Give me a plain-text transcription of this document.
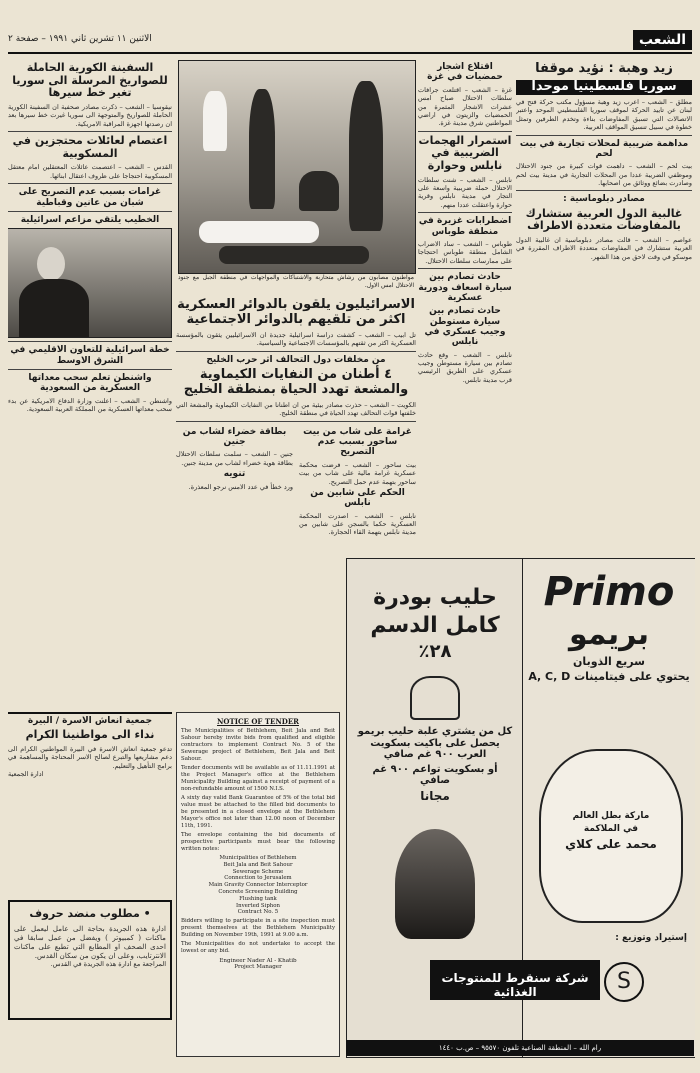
الاثنين ١١ تشرين ثاني ١٩٩١ – صفحة ٢	الشعب
زيد وهبة : نؤيد موقفا
سوريا فلسطينيا موحدا
مطلق – الشعب – اعرب زيد وهبة مسؤول مكتب حركة فتح في لبنان عن تاييد الحركة لموقف سوريا الفلسطيني الموحد واعتبر الاتصالات التي تسبق المفاوضات بناءة وتخدم الطرفين وتمثل خطوة في سبيل تنسيق المواقف العربية.
مداهمة ضريبية لمحلات تجارية في بيت لحم
بيت لحم – الشعب – داهمت قوات كبيرة من جنود الاحتلال وموظفي الضريبة عددا من المحلات التجارية في مدينة بيت لحم وصادرت بضائع ووثائق من اصحابها.
مصادر دبلوماسية :
غالبية الدول العربية ستشارك بالمفاوضات متعددة الاطراف
عواصم – الشعب – قالت مصادر دبلوماسية ان غالبية الدول العربية ستشارك في المفاوضات متعددة الاطراف المقررة في موسكو في وقت لاحق من هذا الشهر.
اقتلاع اشجار حمضيات في غزة
غزة – الشعب – اقتلعت جرافات سلطات الاحتلال صباح امس عشرات الاشجار المثمرة من الحمضيات والزيتون في اراضي المواطنين شرق مدينة غزة.
استمرار الهجمات الضريبية في نابلس وحوارة
نابلس – الشعب – شنت سلطات الاحتلال حملة ضريبية واسعة على التجار في مدينة نابلس وقرية حوارة واعتقلت عددا منهم.
اضطرابات غزيرة في منطقة طوباس
طوباس – الشعب – ساد الاضراب الشامل منطقة طوباس احتجاجا على ممارسات سلطات الاحتلال.
حادث تصادم بين سيارة اسعاف ودورية عسكرية
حادث تصادم بين سيارة مستوطن وجيب عسكري في نابلس
نابلس – الشعب – وقع حادث تصادم بين سيارة مستوطن وجيب عسكري على الطريق الرئيسي قرب مدينة نابلس.
مواطنون مصابون من رشاش متحاربة والاشتباكات والمواجهات في منطقة الجبل مع جنود الاحتلال امس الاول.
الاسرائيليون يلقون بالدوائر العسكرية اكثر من تلقيهم بالدوائر الاجتماعية
تل ابيب – الشعب – كشفت دراسة اسرائيلية جديدة ان الاسرائيليين يثقون بالمؤسسة العسكرية اكثر من ثقتهم بالمؤسسات الاجتماعية والسياسية.
من مخلفات دول التحالف اثر حرب الخليج
٤ أطنان من النفايات الكيماوية والمشعة تهدد الحياة بمنطقة الخليج
الكويت – الشعب – حذرت مصادر بيئية من ان اطنانا من النفايات الكيماوية والمشعة التي خلفتها قوات التحالف تهدد الحياة في منطقة الخليج.
غرامة على شاب من بيت ساحور بسبب عدم التصريح
بيت ساحور – الشعب – فرضت محكمة عسكرية غرامة مالية على شاب من بيت ساحور بتهمة عدم حمل التصريح.
الحكم على شابين من نابلس
نابلس – الشعب – اصدرت المحكمة العسكرية حكما بالسجن على شابين من مدينة نابلس بتهمة القاء الحجارة.
بطاقة خضراء لشاب من جنين
جنين – الشعب – سلمت سلطات الاحتلال بطاقة هوية خضراء لشاب من مدينة جنين.
تنويه
ورد خطأ في عدد الامس نرجو المعذرة.
السفينة الكورية الحاملة للصواريخ المرسلة الى سوريا تغير خط سيرها
نيقوسيا – الشعب – ذكرت مصادر صحفية ان السفينة الكورية الحاملة للصواريخ والمتوجهة الى سوريا غيرت خط سيرها بعد ان رصدتها اجهزة المراقبة الامريكية.
اعتصام لعائلات محتجزين في المسكوبية
القدس – الشعب – اعتصمت عائلات المعتقلين امام معتقل المسكوبية احتجاجا على ظروف اعتقال ابنائها.
غرامات بسبب عدم التصريح على شبان من عانين وقباطية
الخطيب يلتقي مزاعم اسرائيلية
خطة اسرائيلية للتعاون الاقليمي في الشرق الاوسط
واشنطن تعلم سحب معداتها العسكرية من السعودية
واشنطن – الشعب – اعلنت وزارة الدفاع الامريكية عن بدء سحب معداتها العسكرية من المملكة العربية السعودية.
جمعية انعاش الاسرة / البيرة
نداء الى مواطنينا الكرام
تدعو جمعية انعاش الاسرة في البيرة المواطنين الكرام الى دعم مشاريعها والتبرع لصالح الاسر المحتاجة والمساهمة في برامج التأهيل والتعليم.
ادارة الجمعية
• مطلوب منضد حروف
ادارة هذه الجريدة بحاجة الى عامل ليعمل على ماكنات ( كمبيوتر ) ويفضل من عمل سابقا في احدى الصحف او المطابع التي تطبع على ماكنات الانترتايب، وعلى ان يكون من سكان القدس.
المراجعة مع ادارة هذه الجريدة في القدس.
NOTICE OF TENDER

The Municipalities of Bethlehem, Beit Jala and Beit Sahour hereby invite bids from qualified and eligible contractors to implement Contract No. 5 of the Sewerage project of Bethlehem, Beit Jala and Beit Sahour.

Tender documents will be available as of 11.11.1991 at the Project Manager's office at the Bethlehem Municipality Building against a receipt of payment of a non-refundable amount of 1500 N.I.S.

A sixty day valid Bank Guarantee of 5% of the total bid value must be attached to the filled bid documents to be presented in a closed envelope at the Bethlehem Mayor's office not later than 12.00 noon of December 11th, 1991.

The envelope containing the bid documents of prospective participants must bear the following written notes:

Municipalities of Bethlehem
Beit Jala and Beit Sahour
Sewerage Scheme
Connection to Jerusalem
Main Gravity Connector Interceptor
Concrete Screening Building
Flushing tank
Inverted Siphon
Contract No. 5

Bidders willing to participate in a site inspection must present themselves at the Bethlehem Municipality Building on November 19th, 1991 at 9.00 a.m.

The Municipalities do not undertake to accept the lowest or any bid.

Engineer Nader Al - Khatib
Project Manager
حليب بودرة
كامل الدسم
٢٨٪
كل من يشتري علبة حليب بريمو يحصل على باكيت بسكويت العرب ٩٠٠ غم صافي
أو بسكويت تواعم ٩٠٠ غم صافي
مجانا
Primo
بريمو
سريع الذوبان
يحتوي على فيتامينات A, C, D
ماركة بطل العالم
في الملاكمة
محمد على كلاي
إستيراد وتوزيع :
شركة سنقرط للمنتوجات الغذائية	S
رام الله – المنطقة الصناعية تلفون ٩٥٥٧٠ – ص.ب ١٤٤٠
